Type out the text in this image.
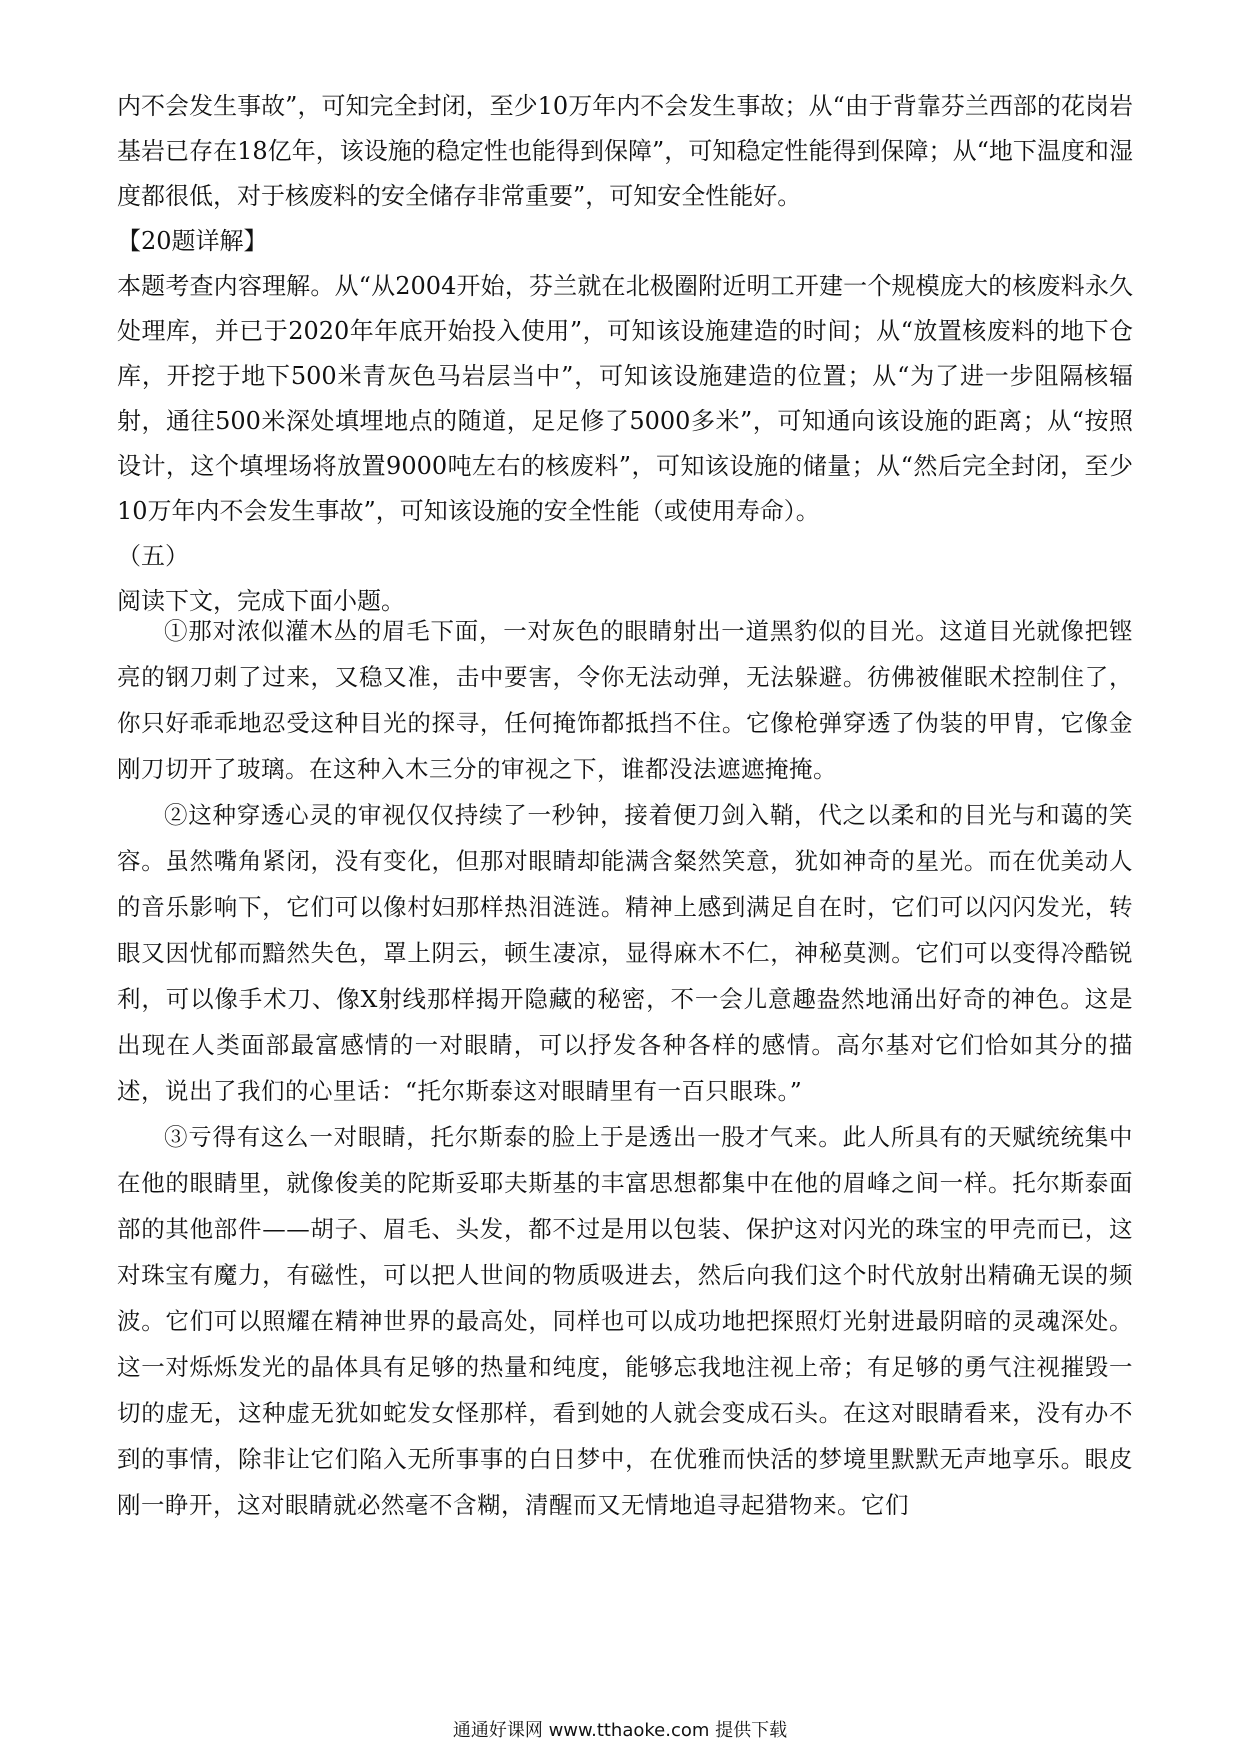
内不会发生事故”，可知完全封闭，至少10万年内不会发生事故；从“由于背靠芬兰西部的花岗岩基岩已存在18亿年，该设施的稳定性也能得到保障”，可知稳定性能得到保障；从“地下温度和湿度都很低，对于核废料的安全储存非常重要”，可知安全性能好。

【20题详解】

本题考查内容理解。从“从2004开始，芬兰就在北极圈附近明工开建一个规模庞大的核废料永久处理库，并已于2020年年底开始投入使用”，可知该设施建造的时间；从“放置核废料的地下仓库，开挖于地下500米青灰色马岩层当中”，可知该设施建造的位置；从“为了进一步阻隔核辐射，通往500米深处填埋地点的随道，足足修了5000多米”，可知通向该设施的距离；从“按照设计，这个填埋场将放置9000吨左右的核废料”，可知该设施的储量；从“然后完全封闭，至少10万年内不会发生事故”，可知该设施的安全性能（或使用寿命）。

（五）

阅读下文，完成下面小题。

①那对浓似灌木丛的眉毛下面，一对灰色的眼睛射出一道黑豹似的目光。这道目光就像把铿亮的钢刀刺了过来，又稳又准，击中要害，令你无法动弹，无法躲避。彷佛被催眠术控制住了，你只好乖乖地忍受这种目光的探寻，任何掩饰都抵挡不住。它像枪弹穿透了伪装的甲胄，它像金刚刀切开了玻璃。在这种入木三分的审视之下，谁都没法遮遮掩掩。

②这种穿透心灵的审视仅仅持续了一秒钟，接着便刀剑入鞘，代之以柔和的目光与和蔼的笑容。虽然嘴角紧闭，没有变化，但那对眼睛却能满含粲然笑意，犹如神奇的星光。而在优美动人的音乐影响下，它们可以像村妇那样热泪涟涟。精神上感到满足自在时，它们可以闪闪发光，转眼又因忧郁而黯然失色，罩上阴云，顿生凄凉，显得麻木不仁，神秘莫测。它们可以变得冷酷锐利，可以像手术刀、像X射线那样揭开隐藏的秘密，不一会儿意趣盎然地涌出好奇的神色。这是出现在人类面部最富感情的一对眼睛，可以抒发各种各样的感情。高尔基对它们恰如其分的描述，说出了我们的心里话：“托尔斯泰这对眼睛里有一百只眼珠。”

③亏得有这么一对眼睛，托尔斯泰的脸上于是透出一股才气来。此人所具有的天赋统统集中在他的眼睛里，就像俊美的陀斯妥耶夫斯基的丰富思想都集中在他的眉峰之间一样。托尔斯泰面部的其他部件——胡子、眉毛、头发，都不过是用以包装、保护这对闪光的珠宝的甲壳而已，这对珠宝有魔力，有磁性，可以把人世间的物质吸进去，然后向我们这个时代放射出精确无误的频波。它们可以照耀在精神世界的最高处，同样也可以成功地把探照灯光射进最阴暗的灵魂深处。这一对烁烁发光的晶体具有足够的热量和纯度，能够忘我地注视上帝；有足够的勇气注视摧毁一切的虚无，这种虚无犹如蛇发女怪那样，看到她的人就会变成石头。在这对眼睛看来，没有办不到的事情，除非让它们陷入无所事事的白日梦中，在优雅而快活的梦境里默默无声地享乐。眼皮刚一睁开，这对眼睛就必然毫不含糊，清醒而又无情地追寻起猎物来。它们

通通好课网 www.tthaoke.com 提供下载
